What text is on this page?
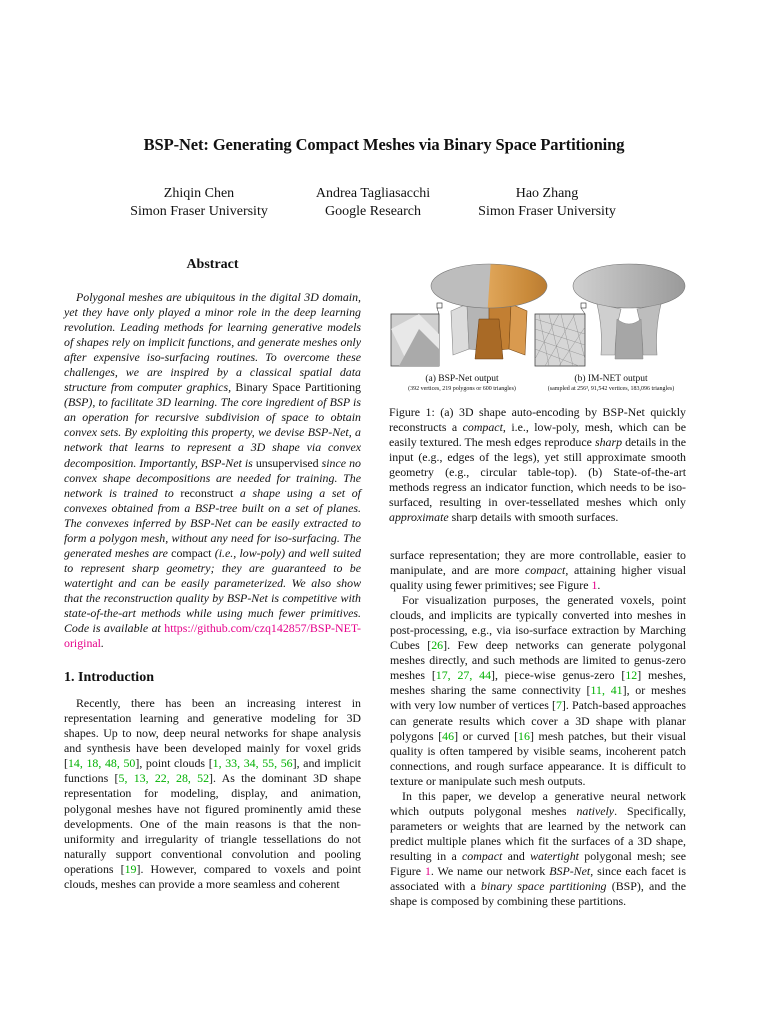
BSP-Net: Generating Compact Meshes via Binary Space Partitioning
Zhiqin Chen
Simon Fraser University
Andrea Tagliasacchi
Google Research
Hao Zhang
Simon Fraser University
Abstract

Polygonal meshes are ubiquitous in the digital 3D domain, yet they have only played a minor role in the deep learning revolution. Leading methods for learning generative models of shapes rely on implicit functions, and generate meshes only after expensive iso-surfacing routines. To overcome these challenges, we are inspired by a classical spatial data structure from computer graphics, Binary Space Partitioning (BSP), to facilitate 3D learning. The core ingredient of BSP is an operation for recursive subdivision of space to obtain convex sets. By exploiting this property, we devise BSP-Net, a network that learns to represent a 3D shape via convex decomposition. Importantly, BSP-Net is unsupervised since no convex shape decompositions are needed for training. The network is trained to reconstruct a shape using a set of convexes obtained from a BSP-tree built on a set of planes. The convexes inferred by BSP-Net can be easily extracted to form a polygon mesh, without any need for iso-surfacing. The generated meshes are compact (i.e., low-poly) and well suited to represent sharp geometry; they are guaranteed to be watertight and can be easily parameterized. We also show that the reconstruction quality by BSP-Net is competitive with state-of-the-art methods while using much fewer primitives. Code is available at https://github.com/czq142857/BSP-NET-original.

1. Introduction

Recently, there has been an increasing interest in representation learning and generative modeling for 3D shapes. Up to now, deep neural networks for shape analysis and synthesis have been developed mainly for voxel grids [14, 18, 48, 50], point clouds [1, 33, 34, 55, 56], and implicit functions [5, 13, 22, 28, 52]. As the dominant 3D shape representation for modeling, display, and animation, polygonal meshes have not figured prominently amid these developments. One of the main reasons is that the non-uniformity and irregularity of triangle tessellations do not naturally support conventional convolution and pooling operations [19]. However, compared to voxels and point clouds, meshes can provide a more seamless and coherent

(a) BSP-Net output
(392 vertices, 219 polygons or 600 triangles)
(b) IM-NET output
(sampled at 256³, 91,542 vertices, 183,096 triangles)

Figure 1: (a) 3D shape auto-encoding by BSP-Net quickly reconstructs a compact, i.e., low-poly, mesh, which can be easily textured. The mesh edges reproduce sharp details in the input (e.g., edges of the legs), yet still approximate smooth geometry (e.g., circular table-top). (b) State-of-the-art methods regress an indicator function, which needs to be iso-surfaced, resulting in over-tessellated meshes which only approximate sharp details with smooth surfaces.

surface representation; they are more controllable, easier to manipulate, and are more compact, attaining higher visual quality using fewer primitives; see Figure 1.

For visualization purposes, the generated voxels, point clouds, and implicits are typically converted into meshes in post-processing, e.g., via iso-surface extraction by Marching Cubes [26]. Few deep networks can generate polygonal meshes directly, and such methods are limited to genus-zero meshes [17, 27, 44], piece-wise genus-zero [12] meshes, meshes sharing the same connectivity [11, 41], or meshes with very low number of vertices [7]. Patch-based approaches can generate results which cover a 3D shape with planar polygons [46] or curved [16] mesh patches, but their visual quality is often tampered by visible seams, incoherent patch connections, and rough surface appearance. It is difficult to texture or manipulate such mesh outputs.

In this paper, we develop a generative neural network which outputs polygonal meshes natively. Specifically, parameters or weights that are learned by the network can predict multiple planes which fit the surfaces of a 3D shape, resulting in a compact and watertight polygonal mesh; see Figure 1. We name our network BSP-Net, since each facet is associated with a binary space partitioning (BSP), and the shape is composed by combining these partitions.
